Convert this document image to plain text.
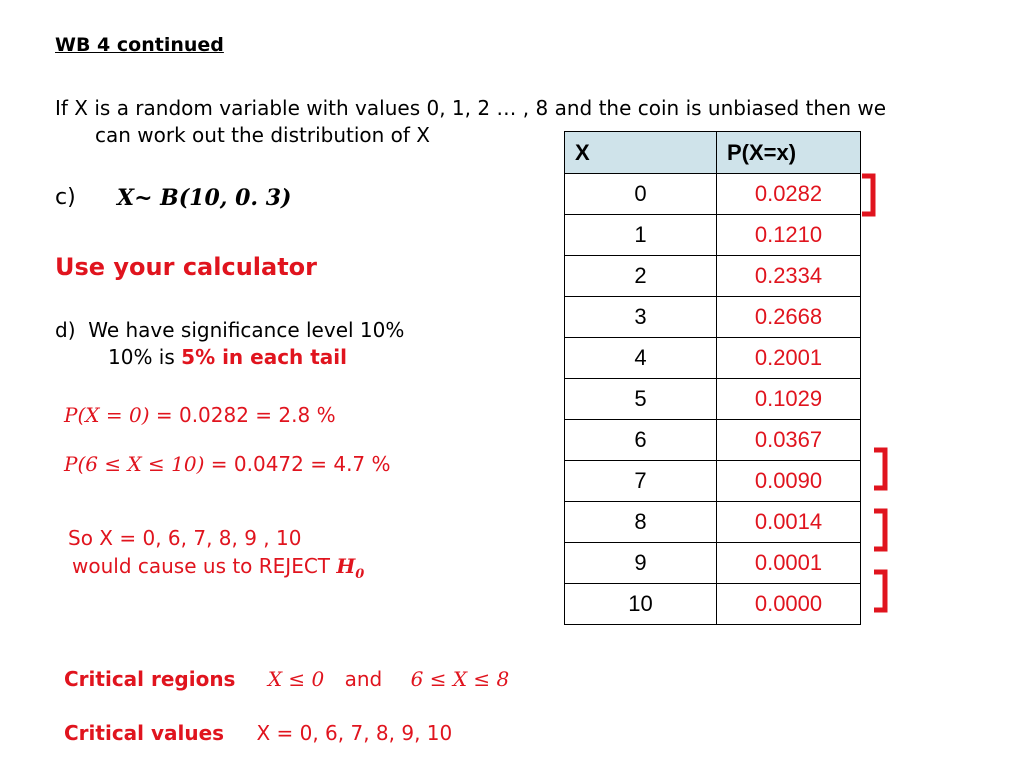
WB 4 continued
If X is a random variable with values 0, 1, 2 … , 8 and the coin is unbiased then we
can work out the distribution of X
c) X~ B(10, 0. 3)
Use your calculator
d) We have significance level 10%
10% is 5% in each tail
P(X = 0) = 0.0282 = 2.8 %
P(6 ≤ X ≤ 10) = 0.0472 = 4.7 %
So X = 0, 6, 7, 8, 9 , 10
would cause us to REJECT $H_0$
Critical regions X ≤ 0 and 6 ≤ X ≤ 8
Critical values X = 0, 6, 7, 8, 9, 10
X	P(X=x)
0	0.0282
1	0.1210
2	0.2334
3	0.2668
4	0.2001
5	0.1029
6	0.0367
7	0.0090
8	0.0014
9	0.0001
10	0.0000
